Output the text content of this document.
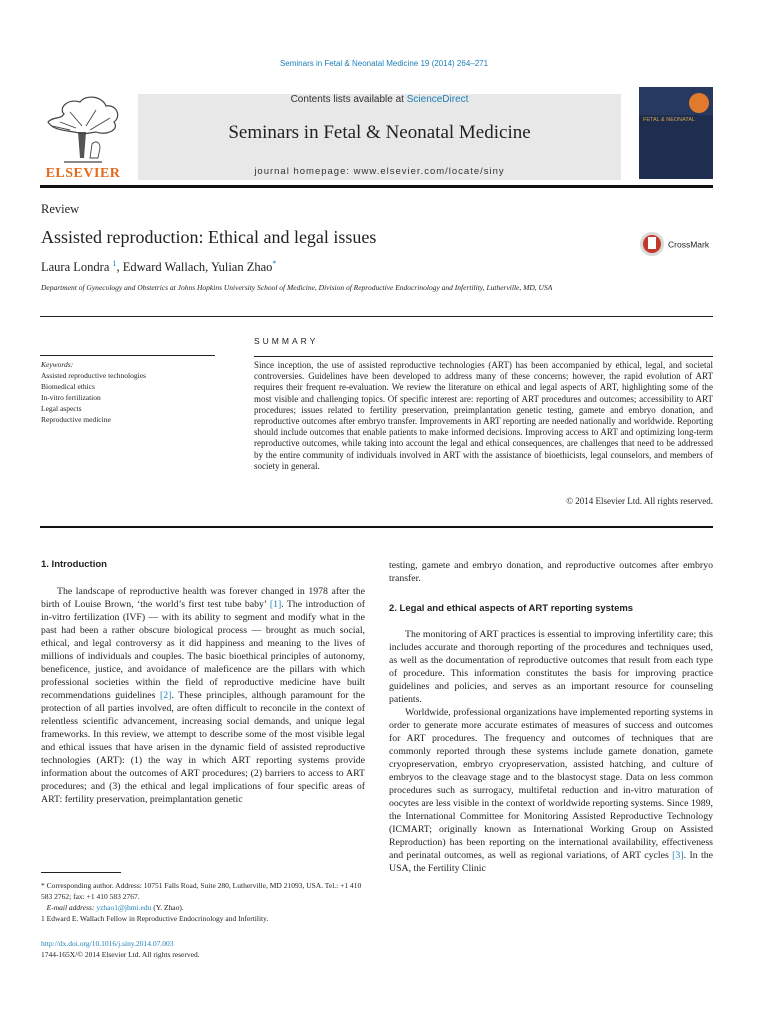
Seminars in Fetal & Neonatal Medicine 19 (2014) 264–271
Contents lists available at ScienceDirect
Seminars in Fetal & Neonatal Medicine
journal homepage: www.elsevier.com/locate/siny
ELSEVIER
FETAL & NEONATAL
Review
Assisted reproduction: Ethical and legal issues	CrossMark
Laura Londra $^1$, Edward Wallach, Yulian Zhao*
Department of Gynecology and Obstetrics at Johns Hopkins University School of Medicine, Division of Reproductive Endocrinology and Infertility, Lutherville, MD, USA
SUMMARY
Keywords:
Assisted reproductive technologies
Biomedical ethics
In-vitro fertilization
Legal aspects
Reproductive medicine
Since inception, the use of assisted reproductive technologies (ART) has been accompanied by ethical, legal, and societal controversies. Guidelines have been developed to address many of these concerns; however, the rapid evolution of ART requires their frequent re-evaluation. We review the literature on ethical and legal aspects of ART, highlighting some of the most visible and challenging topics. Of specific interest are: reporting of ART procedures and outcomes; accessibility to ART procedures; issues related to fertility preservation, preimplantation genetic testing, gamete and embryo donation, and reproductive outcomes after embryo transfer. Improvements in ART reporting are needed nationally and worldwide. Reporting should include outcomes that enable patients to make informed decisions. Improving access to ART and optimizing long-term reproductive outcomes, while taking into account the legal and ethical consequences, are challenges that need to be addressed by the entire community of individuals involved in ART with the assistance of bioethicists, legal counselors, and members of society in general.
© 2014 Elsevier Ltd. All rights reserved.
1. Introduction

The landscape of reproductive health was forever changed in 1978 after the birth of Louise Brown, ‘the world’s first test tube baby’ [1]. The introduction of in-vitro fertilization (IVF) — with its ability to segment and modify what in the past had been a rather obscure biological process — brought as much social, ethical, and legal controversy as it did happiness and meaning to the lives of millions of individuals and couples. The basic bioethical principles of autonomy, beneficence, justice, and avoidance of maleficence are the pillars with which professional societies within the field of reproductive medicine have built recommendations guidelines [2]. These principles, although paramount for the protection of all parties involved, are often difficult to reconcile in the context of relentless scientific advancement, increasing social demands, and unique legal frameworks. In this review, we attempt to describe some of the most visible legal and ethical issues that have arisen in the dynamic field of assisted reproductive technologies (ART): (1) the way in which ART reporting systems provide information about the outcomes of ART procedures; (2) barriers to access to ART procedures; and (3) the ethical and legal implications of four specific areas of ART: fertility preservation, preimplantation genetic

testing, gamete and embryo donation, and reproductive outcomes after embryo transfer.

2. Legal and ethical aspects of ART reporting systems

The monitoring of ART practices is essential to improving infertility care; this includes accurate and thorough reporting of the procedures and techniques used, as well as the documentation of reproductive outcomes that result from each type of procedure. This information constitutes the basis for improving practice guidelines and policies, and serves as an important resource for counseling patients.

Worldwide, professional organizations have implemented reporting systems in order to generate more accurate estimates of measures of success and outcomes for ART procedures. The frequency and outcomes of techniques that are commonly reported through these systems include gamete donation, gamete cryopreservation, embryo cryopreservation, assisted hatching, and culture of embryos to the cleavage stage and to the blastocyst stage. Data on less common procedures such as surrogacy, multifetal reduction and in-vitro maturation of oocytes are less visible in the context of worldwide reporting systems. Since 1989, the International Committee for Monitoring Assisted Reproductive Technology (ICMART; originally known as International Working Group on Assisted Reproduction) has been reporting on the international availability, effectiveness and perinatal outcomes, as well as regional variations, of ART cycles [3]. In the USA, the Fertility Clinic

* Corresponding author. Address: 10751 Falls Road, Suite 280, Lutherville, MD 21093, USA. Tel.: +1 410 583 2762; fax: +1 410 583 2767.

E-mail address: yzhao1@jhmi.edu (Y. Zhao).

1 Edward E. Wallach Fellow in Reproductive Endocrinology and Infertility.

http://dx.doi.org/10.1016/j.siny.2014.07.003
1744-165X/© 2014 Elsevier Ltd. All rights reserved.
